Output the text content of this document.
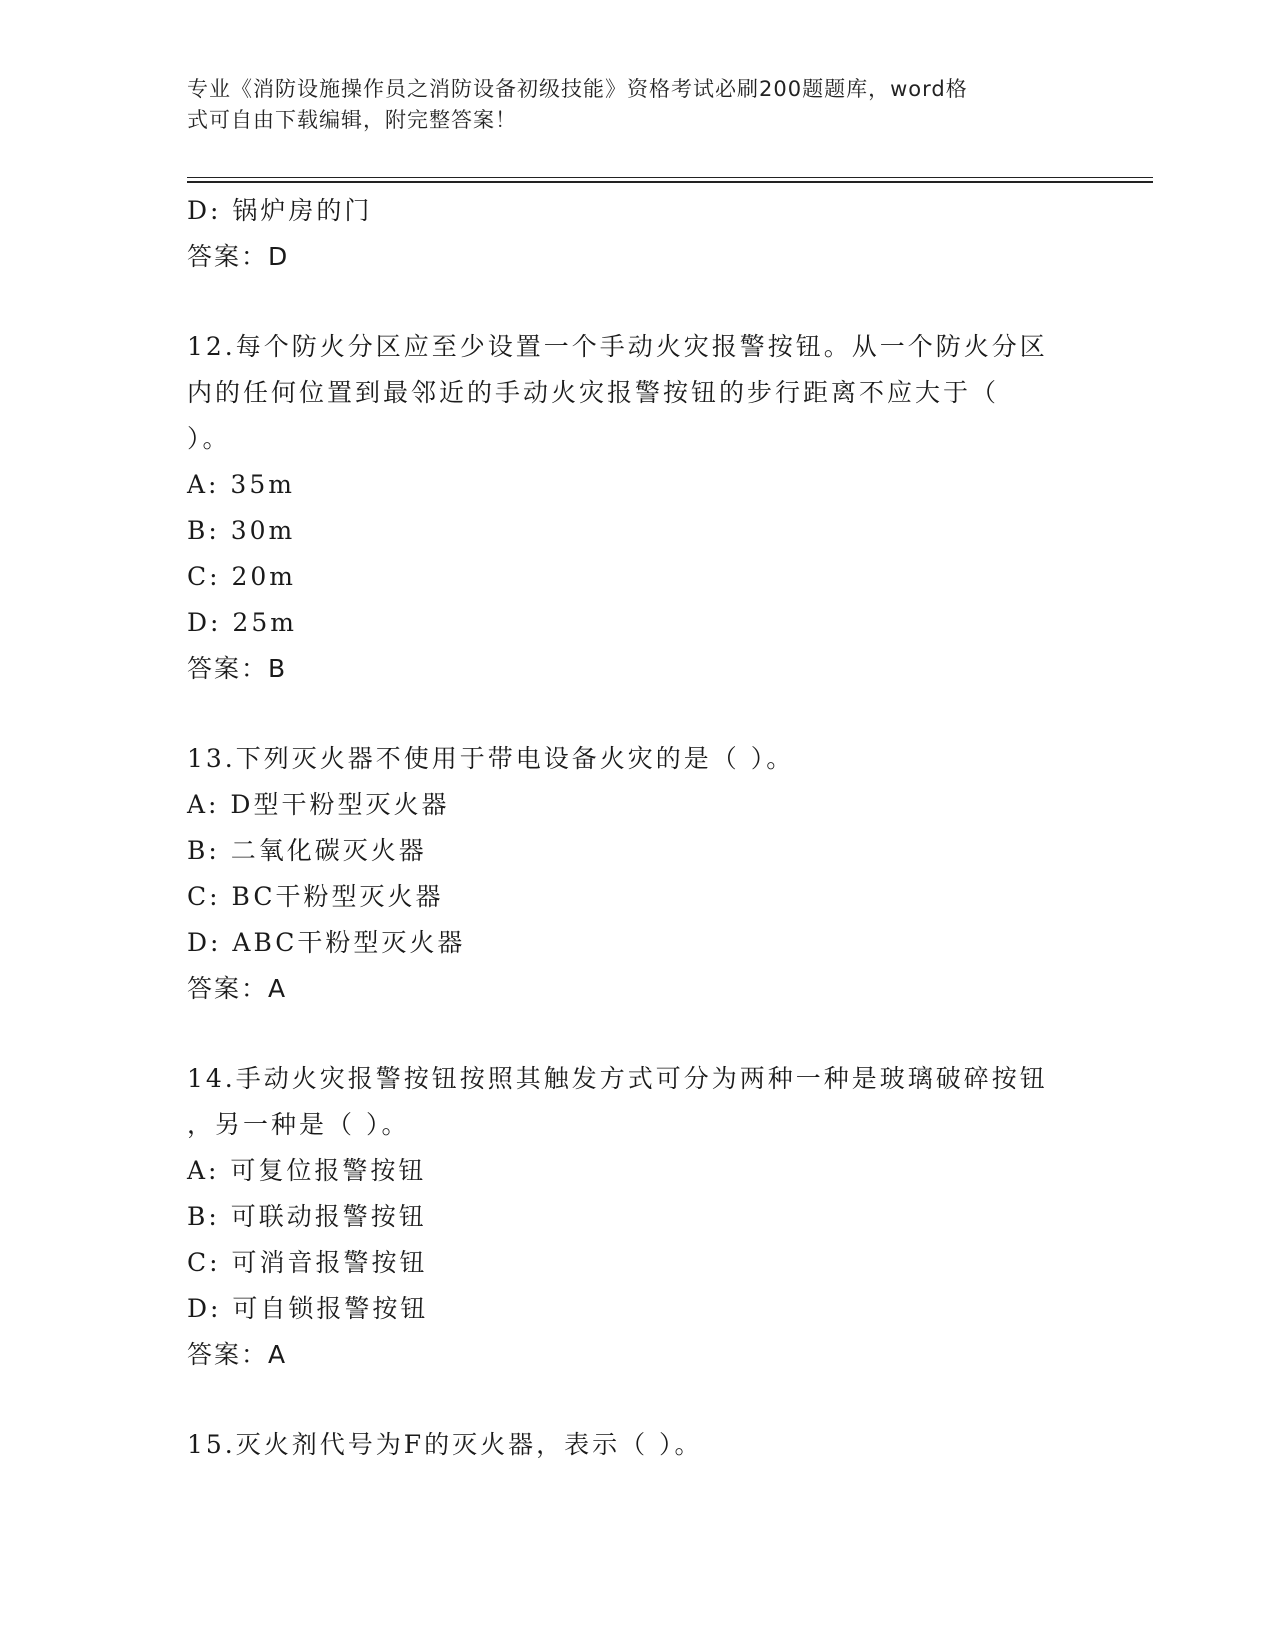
专业《消防设施操作员之消防设备初级技能》资格考试必刷200题题库，word格
式可自由下载编辑，附完整答案！
D: 锅炉房的门
答案：D
12.每个防火分区应至少设置一个手动火灾报警按钮。从一个防火分区
内的任何位置到最邻近的手动火灾报警按钮的步行距离不应大于（
）。
A: 35m
B: 30m
C: 20m
D: 25m
答案：B
13.下列灭火器不使用于带电设备火灾的是（ ）。
A: D型干粉型灭火器
B: 二氧化碳灭火器
C: BC干粉型灭火器
D: ABC干粉型灭火器
答案：A
14.手动火灾报警按钮按照其触发方式可分为两种一种是玻璃破碎按钮
，另一种是（ ）。
A: 可复位报警按钮
B: 可联动报警按钮
C: 可消音报警按钮
D: 可自锁报警按钮
答案：A
15.灭火剂代号为F的灭火器，表示（ ）。
